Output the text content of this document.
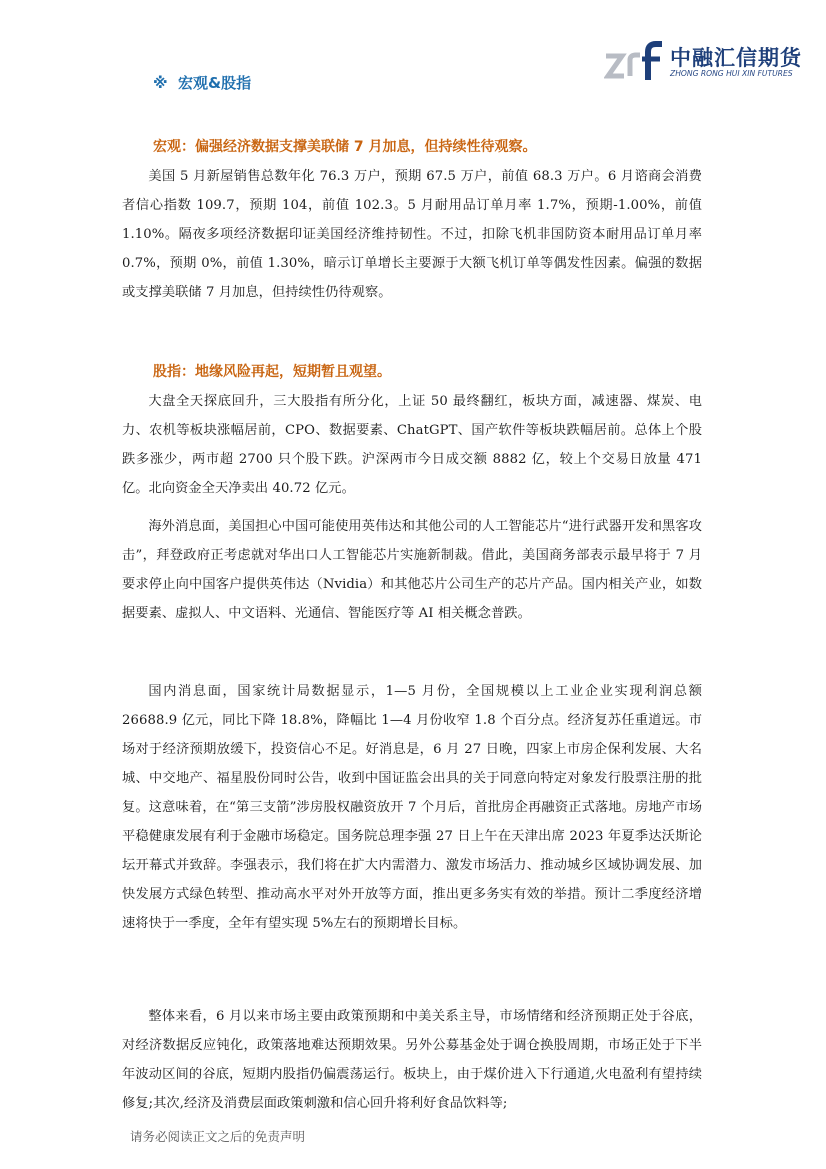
中融汇信期货
ZHONG RONG HUI XIN FUTURES
※ 宏观&股指
宏观：偏强经济数据支撑美联储 7 月加息，但持续性待观察。

美国 5 月新屋销售总数年化 76.3 万户，预期 67.5 万户，前值 68.3 万户。6 月谘商会消费者信心指数 109.7，预期 104，前值 102.3。5 月耐用品订单月率 1.7%，预期-1.00%，前值 1.10%。隔夜多项经济数据印证美国经济维持韧性。不过，扣除飞机非国防资本耐用品订单月率 0.7%，预期 0%，前值 1.30%，暗示订单增长主要源于大额飞机订单等偶发性因素。偏强的数据或支撑美联储 7 月加息，但持续性仍待观察。

股指：地缘风险再起，短期暂且观望。

大盘全天探底回升，三大股指有所分化，上证 50 最终翻红，板块方面，减速器、煤炭、电力、农机等板块涨幅居前，CPO、数据要素、ChatGPT、国产软件等板块跌幅居前。总体上个股跌多涨少，两市超 2700 只个股下跌。沪深两市今日成交额 8882 亿，较上个交易日放量 471 亿。北向资金全天净卖出 40.72 亿元。

海外消息面，美国担心中国可能使用英伟达和其他公司的人工智能芯片“进行武器开发和黑客攻击”，拜登政府正考虑就对华出口人工智能芯片实施新制裁。借此，美国商务部表示最早将于 7 月要求停止向中国客户提供英伟达（Nvidia）和其他芯片公司生产的芯片产品。国内相关产业，如数据要素、虚拟人、中文语料、光通信、智能医疗等 AI 相关概念普跌。

国内消息面，国家统计局数据显示，1—5 月份，全国规模以上工业企业实现利润总额 26688.9 亿元，同比下降 18.8%，降幅比 1—4 月份收窄 1.8 个百分点。经济复苏任重道远。市场对于经济预期放缓下，投资信心不足。好消息是，6 月 27 日晚，四家上市房企保利发展、大名城、中交地产、福星股份同时公告，收到中国证监会出具的关于同意向特定对象发行股票注册的批复。这意味着，在“第三支箭”涉房股权融资放开 7 个月后，首批房企再融资正式落地。房地产市场平稳健康发展有利于金融市场稳定。国务院总理李强 27 日上午在天津出席 2023 年夏季达沃斯论坛开幕式并致辞。李强表示，我们将在扩大内需潜力、激发市场活力、推动城乡区域协调发展、加快发展方式绿色转型、推动高水平对外开放等方面，推出更多务实有效的举措。预计二季度经济增速将快于一季度，全年有望实现 5%左右的预期增长目标。

整体来看，6 月以来市场主要由政策预期和中美关系主导，市场情绪和经济预期正处于谷底，对经济数据反应钝化，政策落地难达预期效果。另外公募基金处于调仓换股周期，市场正处于下半年波动区间的谷底，短期内股指仍偏震荡运行。板块上，由于煤价进入下行通道,火电盈利有望持续修复;其次,经济及消费层面政策刺激和信心回升将利好食品饮料等;

请务必阅读正文之后的免责声明
